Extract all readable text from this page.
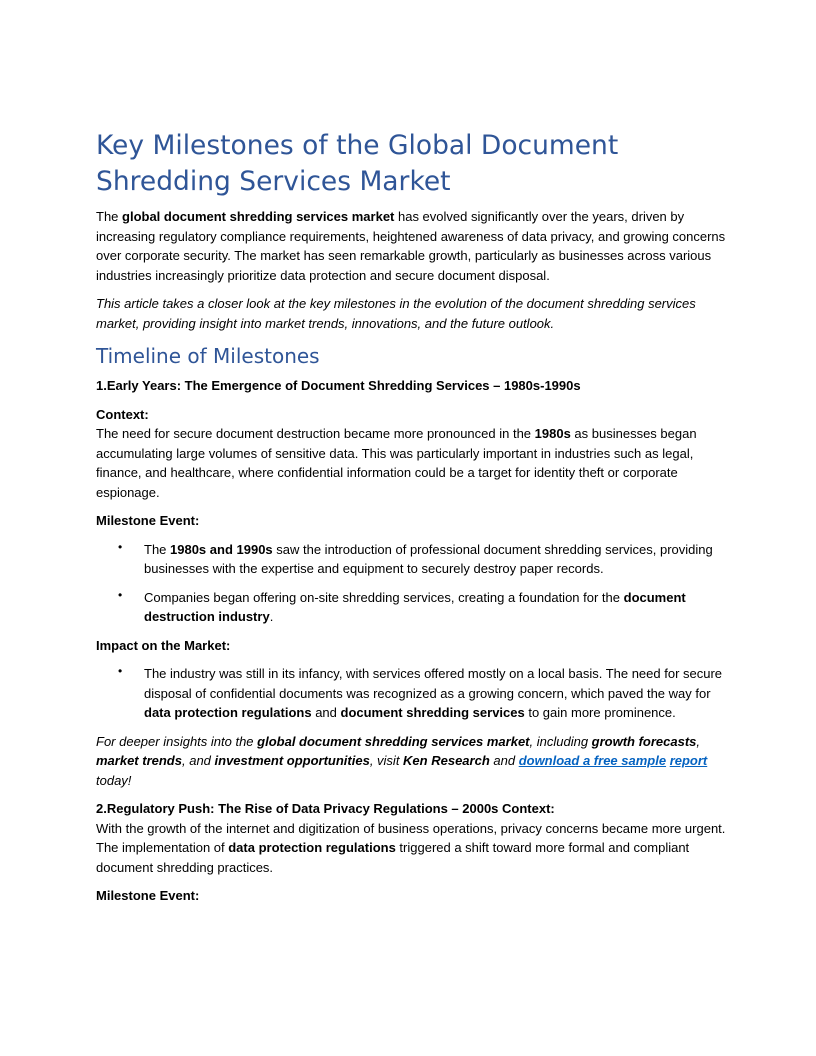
Key Milestones of the Global Document Shredding Services Market

The global document shredding services market has evolved significantly over the years, driven by increasing regulatory compliance requirements, heightened awareness of data privacy, and growing concerns over corporate security. The market has seen remarkable growth, particularly as businesses across various industries increasingly prioritize data protection and secure document disposal.

This article takes a closer look at the key milestones in the evolution of the document shredding services market, providing insight into market trends, innovations, and the future outlook.

Timeline of Milestones

1.Early Years: The Emergence of Document Shredding Services – 1980s-1990s

Context:

The need for secure document destruction became more pronounced in the 1980s as businesses began accumulating large volumes of sensitive data. This was particularly important in industries such as legal, finance, and healthcare, where confidential information could be a target for identity theft or corporate espionage.

Milestone Event:

• The 1980s and 1990s saw the introduction of professional document shredding services, providing businesses with the expertise and equipment to securely destroy paper records.
• Companies began offering on-site shredding services, creating a foundation for the document destruction industry.

Impact on the Market:

• The industry was still in its infancy, with services offered mostly on a local basis. The need for secure disposal of confidential documents was recognized as a growing concern, which paved the way for data protection regulations and document shredding services to gain more prominence.

For deeper insights into the global document shredding services market, including growth forecasts, market trends, and investment opportunities, visit Ken Research and download a free sample report today!

2.Regulatory Push: The Rise of Data Privacy Regulations – 2000s Context:

With the growth of the internet and digitization of business operations, privacy concerns became more urgent. The implementation of data protection regulations triggered a shift toward more formal and compliant document shredding practices.

Milestone Event:
